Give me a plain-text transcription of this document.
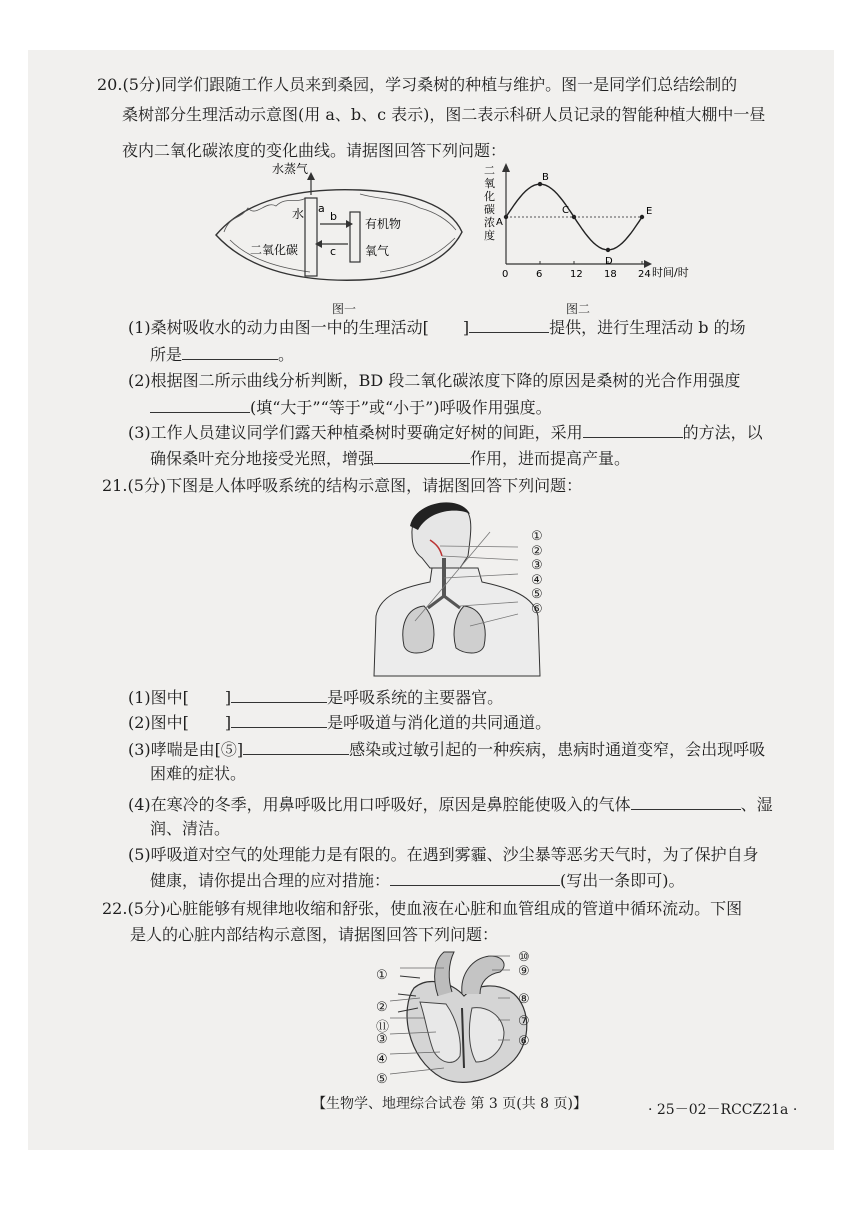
20.(5分)同学们跟随工作人员来到桑园，学习桑树的种植与维护。图一是同学们总结绘制的
桑树部分生理活动示意图(用 a、b、c 表示)，图二表示科研人员记录的智能种植大棚中一昼
夜内二氧化碳浓度的变化曲线。请据图回答下列问题：
水蒸气
水 a
b
c
有机物
二氧化碳	氧气
图一
二
氧
化
碳
浓
度
0	6	12 18 24
A
B
C
D
E
时间/时
图二
(1)桑树吸收水的动力由图一中的生理活动[ ]	提供，进行生理活动 b 的场
所是	。
(2)根据图二所示曲线分析判断，BD 段二氧化碳浓度下降的原因是桑树的光合作用强度
(填“大于”“等于”或“小于”)呼吸作用强度。
(3)工作人员建议同学们露天种植桑树时要确定好树的间距，采用	的方法，以
确保桑叶充分地接受光照，增强	作用，进而提高产量。
21.(5分)下图是人体呼吸系统的结构示意图，请据图回答下列问题：
①
②
③
④
⑤
⑥
(1)图中[ ]	是呼吸系统的主要器官。
(2)图中[ ]	是呼吸道与消化道的共同通道。
(3)哮喘是由[⑤]	感染或过敏引起的一种疾病，患病时通道变窄，会出现呼吸
困难的症状。
(4)在寒冷的冬季，用鼻呼吸比用口呼吸好，原因是鼻腔能使吸入的气体	、湿
润、清洁。
(5)呼吸道对空气的处理能力是有限的。在遇到雾霾、沙尘暴等恶劣天气时，为了保护自身
健康，请你提出合理的应对措施：	(写出一条即可)。
22.(5分)心脏能够有规律地收缩和舒张，使血液在心脏和血管组成的管道中循环流动。下图
是人的心脏内部结构示意图，请据图回答下列问题：
①
②
⑪
③
④
⑤
⑩
⑨
⑧
⑦
⑥
【生物学、地理综合试卷 第 3 页(共 8 页)】	· 25－02－RCCZ21a ·
